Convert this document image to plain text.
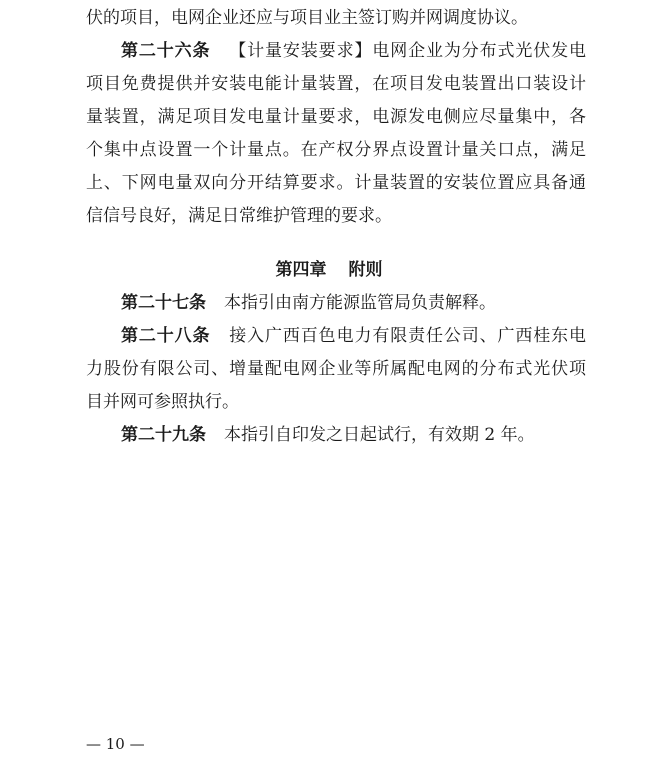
伏的项目，电网企业还应与项目业主签订购并网调度协议。
第二十六条 【计量安装要求】电网企业为分布式光伏发电
项目免费提供并安装电能计量装置，在项目发电装置出口装设计
量装置，满足项目发电量计量要求，电源发电侧应尽量集中，各
个集中点设置一个计量点。在产权分界点设置计量关口点，满足
上、下网电量双向分开结算要求。计量装置的安装位置应具备通
信信号良好，满足日常维护管理的要求。
第四章 附则
第二十七条 本指引由南方能源监管局负责解释。
第二十八条 接入广西百色电力有限责任公司、广西桂东电
力股份有限公司、增量配电网企业等所属配电网的分布式光伏项
目并网可参照执行。
第二十九条 本指引自印发之日起试行，有效期 2 年。
— 10 —
